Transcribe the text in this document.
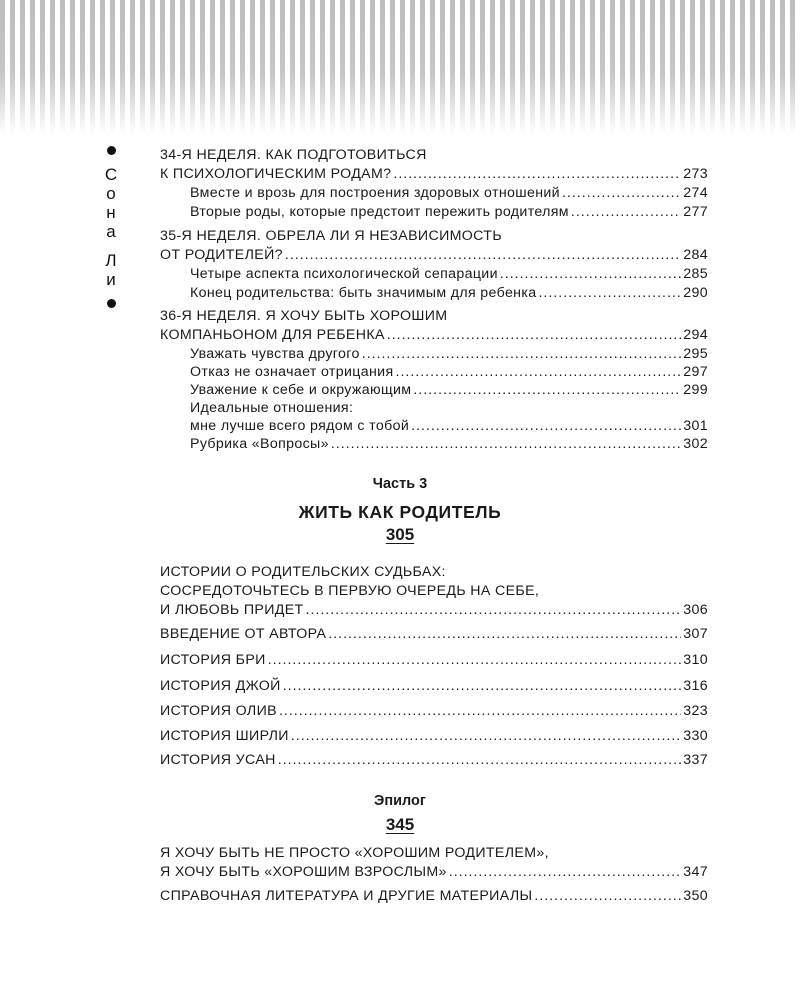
С
о
н
а
Л
и
34-Я НЕДЕЛЯ. КАК ПОДГОТОВИТЬСЯ
К ПСИХОЛОГИЧЕСКИМ РОДАМ? .....	273
Вместе и врозь для построения здоровых отношений .....	274
Вторые роды, которые предстоит пережить родителям .....	277
35-Я НЕДЕЛЯ. ОБРЕЛА ЛИ Я НЕЗАВИСИМОСТЬ
ОТ РОДИТЕЛЕЙ? .....	284
Четыре аспекта психологической сепарации .....	285
Конец родительства: быть значимым для ребенка .....	290
36-Я НЕДЕЛЯ. Я ХОЧУ БЫТЬ ХОРОШИМ
КОМПАНЬОНОМ ДЛЯ РЕБЕНКА .....	294
Уважать чувства другого .....	295
Отказ не означает отрицания .....	297
Уважение к себе и окружающим .....	299
Идеальные отношения:
мне лучше всего рядом с тобой .....	301
Рубрика «Вопросы» .....	302
ИСТОРИИ О РОДИТЕЛЬСКИХ СУДЬБАХ:
СОСРЕДОТОЧЬТЕСЬ В ПЕРВУЮ ОЧЕРЕДЬ НА СЕБЕ,
И ЛЮБОВЬ ПРИДЕТ .....	306
ВВЕДЕНИЕ ОТ АВТОРА .....	307
ИСТОРИЯ БРИ .....	310
ИСТОРИЯ ДЖОЙ .....	316
ИСТОРИЯ ОЛИВ .....	323
ИСТОРИЯ ШИРЛИ .....	330
ИСТОРИЯ УСАН .....	337
Я ХОЧУ БЫТЬ НЕ ПРОСТО «ХОРОШИМ РОДИТЕЛЕМ»,
Я ХОЧУ БЫТЬ «ХОРОШИМ ВЗРОСЛЫМ» .....	347
СПРАВОЧНАЯ ЛИТЕРАТУРА И ДРУГИЕ МАТЕРИАЛЫ .....	350
Часть 3
ЖИТЬ КАК РОДИТЕЛЬ
305
Эпилог
345
